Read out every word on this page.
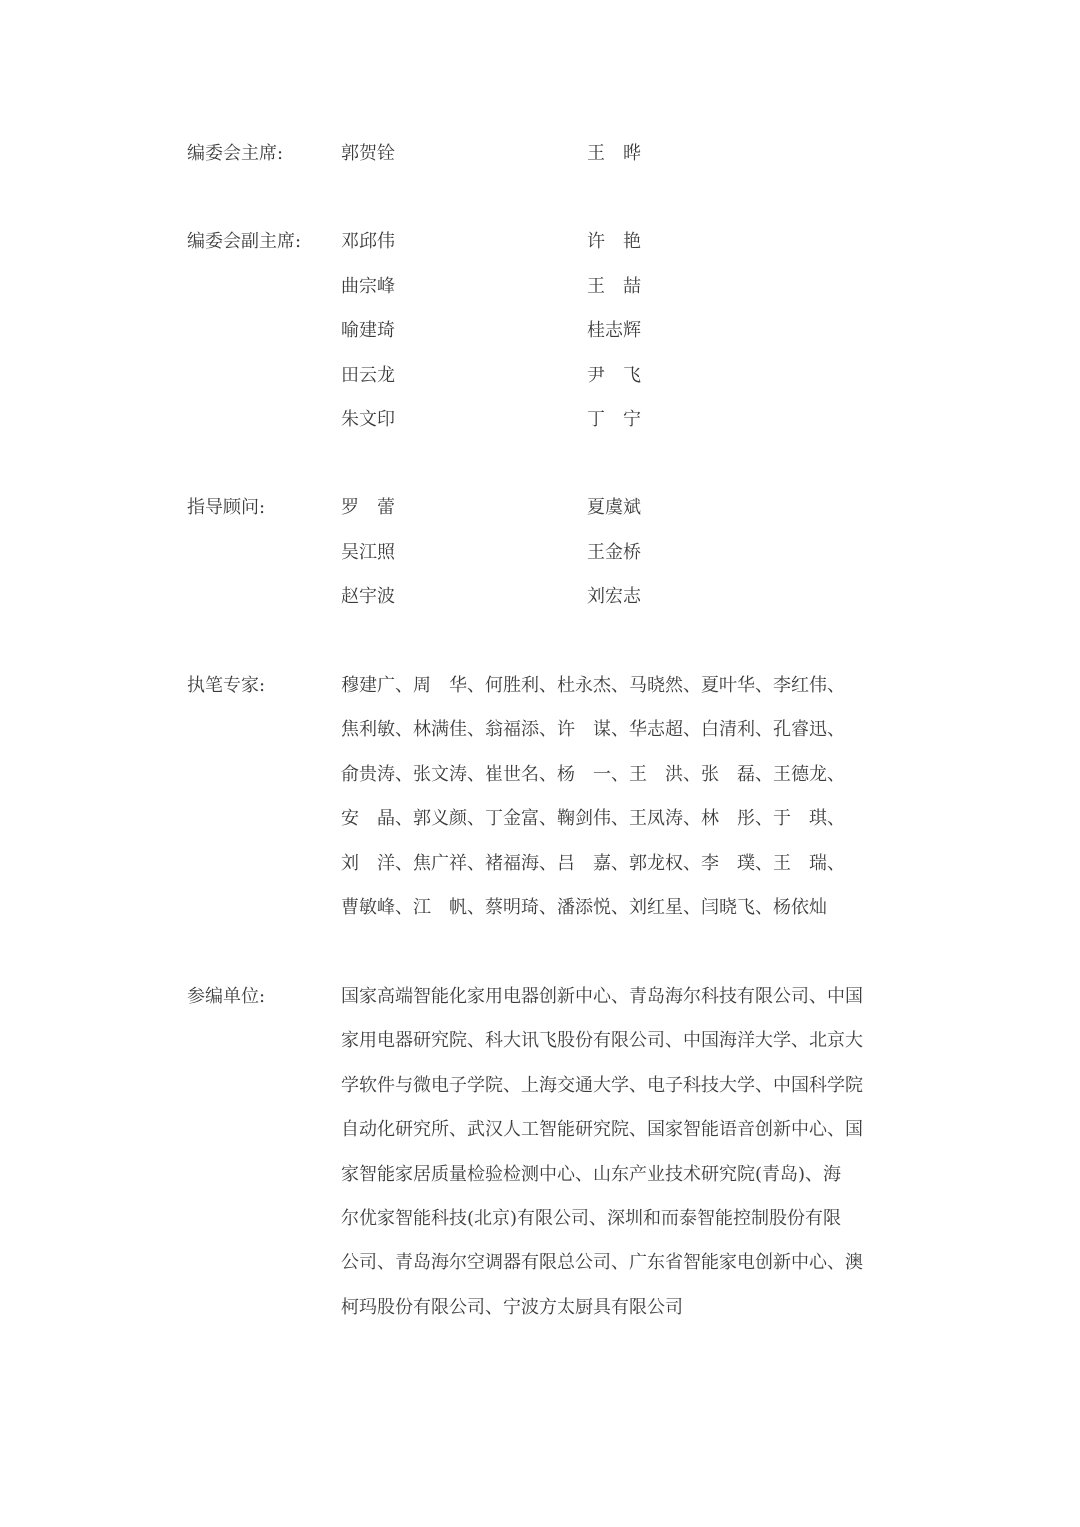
编委会主席:	郭贺铨	王　晔
编委会副主席: 邓邱伟	许　艳
曲宗峰	王　喆
喻建琦	桂志辉
田云龙	尹　飞
朱文印	丁　宁
指导顾问:	罗　蕾	夏虞斌
吴江照	王金桥
赵宇波	刘宏志
执笔专家:	穆建广、周　华、何胜利、杜永杰、马晓然、夏叶华、李红伟、
焦利敏、林满佳、翁福添、许　谋、华志超、白清利、孔睿迅、
俞贵涛、张文涛、崔世名、杨　一、王　洪、张　磊、王德龙、
安　晶、郭义颜、丁金富、鞠剑伟、王凤涛、林　彤、于　琪、
刘　洋、焦广祥、褚福海、吕　嘉、郭龙权、李　璞、王　瑞、
曹敏峰、江　帆、蔡明琦、潘添悦、刘红星、闫晓飞、杨依灿
参编单位:	国家高端智能化家用电器创新中心、青岛海尔科技有限公司、中国
家用电器研究院、科大讯飞股份有限公司、中国海洋大学、北京大
学软件与微电子学院、上海交通大学、电子科技大学、中国科学院
自动化研究所、武汉人工智能研究院、国家智能语音创新中心、国
家智能家居质量检验检测中心、山东产业技术研究院(青岛)、海
尔优家智能科技(北京)有限公司、深圳和而泰智能控制股份有限
公司、青岛海尔空调器有限总公司、广东省智能家电创新中心、澳
柯玛股份有限公司、宁波方太厨具有限公司
